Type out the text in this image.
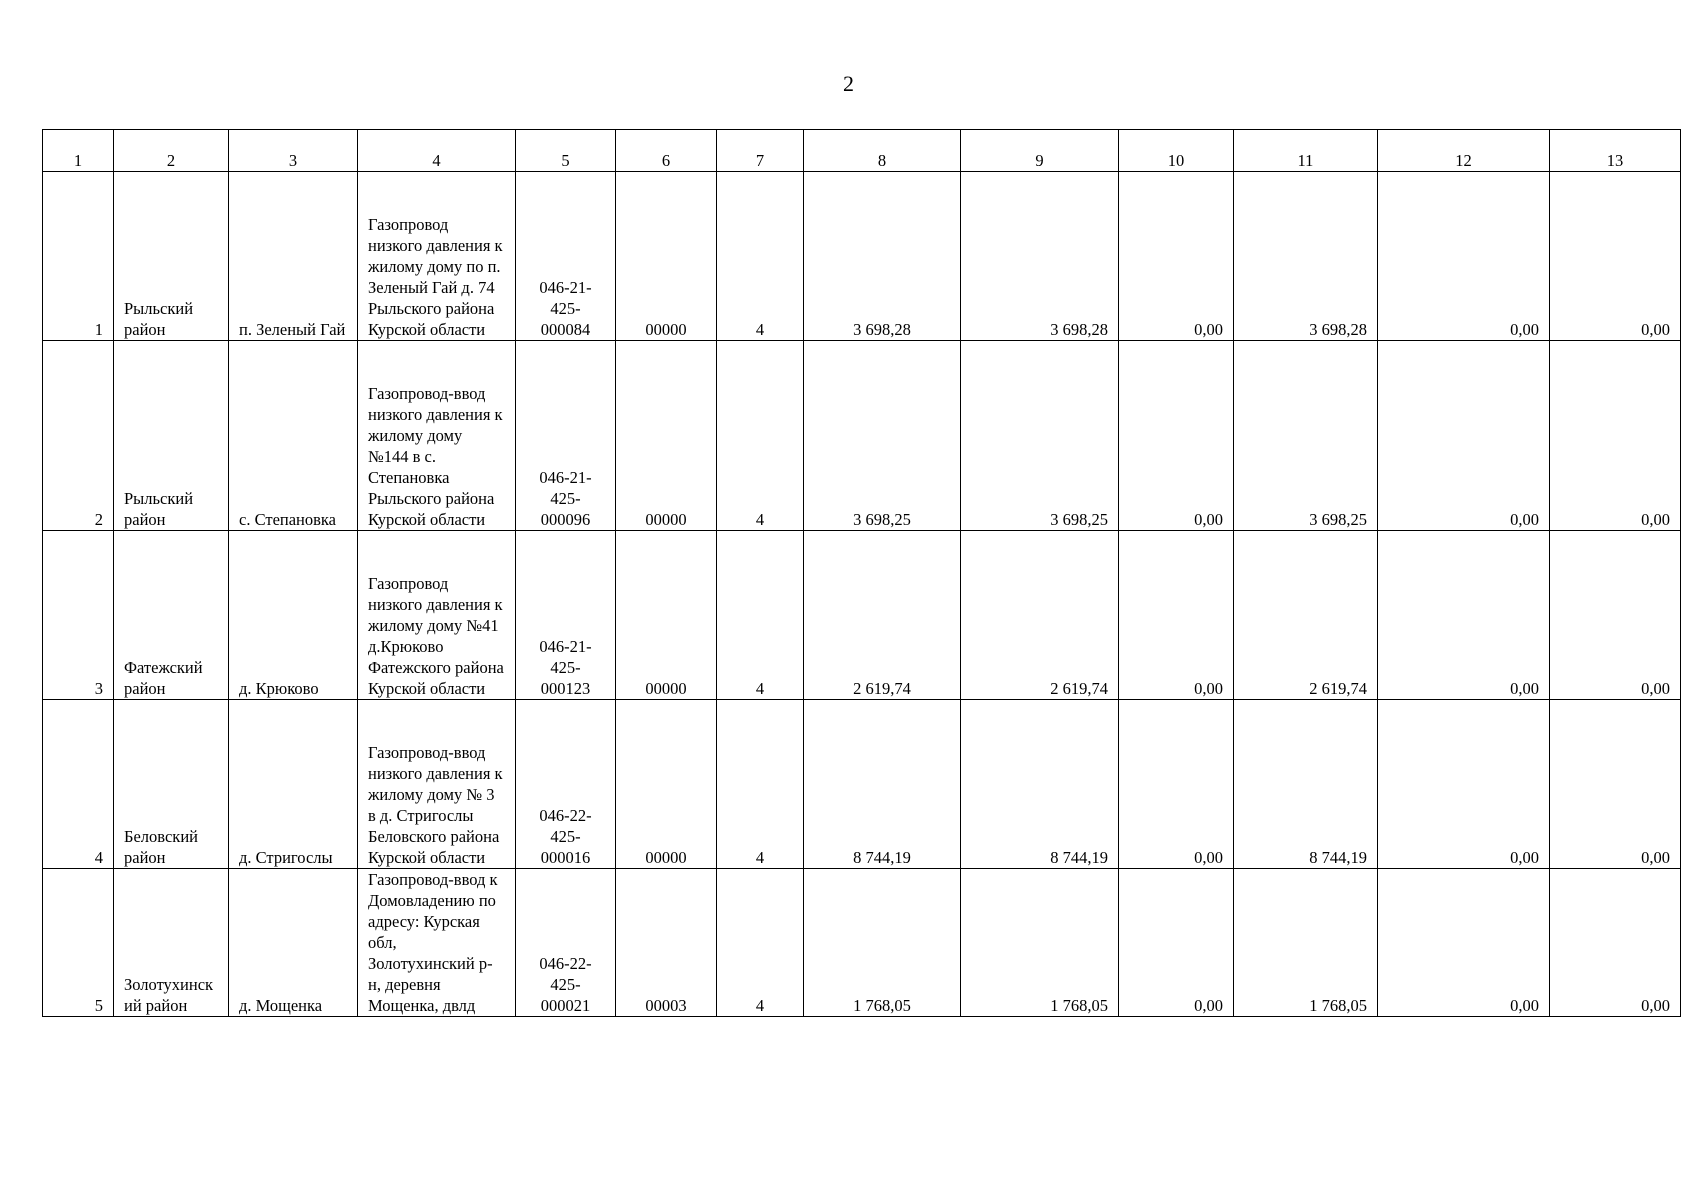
2
1	2	3	4	5	6	7	8	9	10	11	12	13
1	Рыльский район	п. Зеленый Гай	Газопровод низкого давления к жилому дому по п. Зеленый Гай д. 74 Рыльского района Курской области	046-21-425-000084	00000	4	3 698,28	3 698,28	0,00	3 698,28	0,00	0,00
2	Рыльский район	с. Степановка	Газопровод-ввод низкого давления к жилому дому №144 в с. Степановка Рыльского района Курской области	046-21-425-000096	00000	4	3 698,25	3 698,25	0,00	3 698,25	0,00	0,00
3	Фатежский район	д. Крюково	Газопровод низкого давления к жилому дому №41 д.Крюково Фатежского района Курской области	046-21-425-000123	00000	4	2 619,74	2 619,74	0,00	2 619,74	0,00	0,00
4	Беловский район	д. Стригослы	Газопровод-ввод низкого давления к жилому дому № 3 в д. Стригослы Беловского района Курской области	046-22-425-000016	00000	4	8 744,19	8 744,19	0,00	8 744,19	0,00	0,00
5	Золотухинский район	д. Мощенка	Газопровод-ввод к Домовладению по адресу: Курская обл, Золотухинский р-н, деревня Мощенка, двлд	046-22-425-000021	00003	4	1 768,05	1 768,05	0,00	1 768,05	0,00	0,00
